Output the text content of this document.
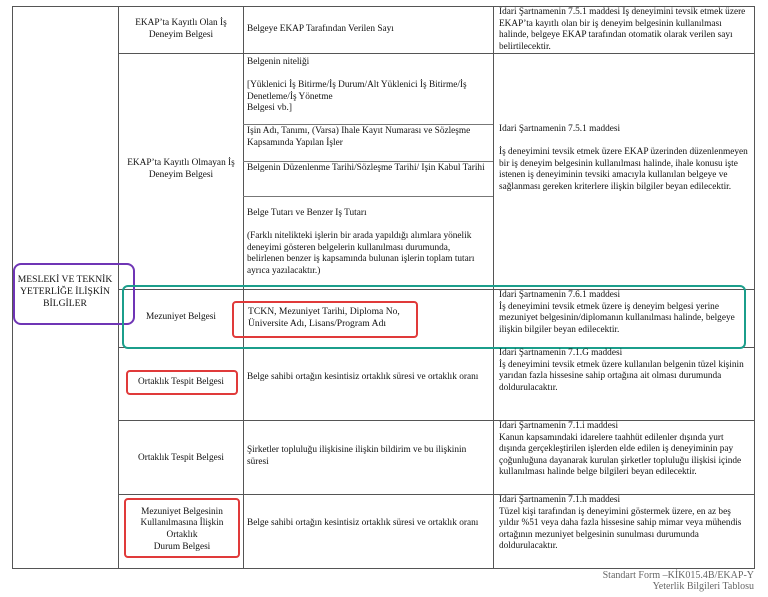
MESLEKİ VE TEKNİK YETERLİĞE İLİŞKİN BİLGİLER
EKAP’ta Kayıtlı Olan İş Deneyim Belgesi
Belgeye EKAP Tarafından Verilen Sayı
İdari Şartnamenin 7.5.1 maddesi İş deneyimini tevsik etmek üzere EKAP’ta kayıtlı olan bir iş deneyim belgesinin kullanılması halinde, belgeye EKAP tarafından otomatik olarak verilen sayı belirtilecektir.
EKAP’ta Kayıtlı Olmayan İş Deneyim Belgesi
Belgenin niteliği

[Yüklenici İş Bitirme/İş Durum/Alt Yüklenici İş Bitirme/İş Denetleme/İş Yönetme
Belgesi vb.]
İşin Adı, Tanımı, (Varsa) İhale Kayıt Numarası ve Sözleşme Kapsamında Yapılan İşler
Belgenin Düzenlenme Tarihi/Sözleşme Tarihi/ İşin Kabul Tarihi
Belge Tutarı ve Benzer İş Tutarı

(Farklı nitelikteki işlerin bir arada yapıldığı alımlara yönelik deneyimi gösteren belgelerin kullanılması durumunda, belirlenen benzer iş kapsamında bulunan işlerin toplam tutarı ayrıca yazılacaktır.)
İdari Şartnamenin 7.5.1 maddesi

İş deneyimini tevsik etmek üzere EKAP üzerinden düzenlenmeyen bir iş deneyim belgesinin kullanılması halinde, ihale konusu işte istenen iş deneyiminin tevsiki amacıyla kullanılan belgeye ve sağlanması gereken kriterlere ilişkin bilgiler beyan edilecektir.
Mezuniyet Belgesi
TCKN, Mezuniyet Tarihi, Diploma No, Üniversite Adı, Lisans/Program Adı
İdari Şartnamenin 7.6.1 maddesi
İş deneyimini tevsik etmek üzere iş deneyim belgesi yerine mezuniyet belgesinin/diplomanın kullanılması halinde, belgeye ilişkin bilgiler beyan edilecektir.
Ortaklık Tespit Belgesi
Belge sahibi ortağın kesintisiz ortaklık süresi ve ortaklık oranı
İdari Şartnamenin 7.1.G maddesi
İş deneyimini tevsik etmek üzere kullanılan belgenin tüzel kişinin yarıdan fazla hissesine sahip ortağına ait olması durumunda doldurulacaktır.
Ortaklık Tespit Belgesi
Şirketler topluluğu ilişkisine ilişkin bildirim ve bu ilişkinin süresi
İdari Şartnamenin 7.1.i maddesi
Kanun kapsamındaki idarelere taahhüt edilenler dışında yurt dışında gerçekleştirilen işlerden elde edilen iş deneyiminin pay çoğunluğuna dayanarak kurulan şirketler topluluğu ilişkisi içinde kullanılması halinde belge bilgileri beyan edilecektir.
Mezuniyet Belgesinin Kullanılmasına İlişkin Ortaklık
Durum Belgesi
Belge sahibi ortağın kesintisiz ortaklık süresi ve ortaklık oranı
İdari Şartnamenin 7.1.h maddesi
Tüzel kişi tarafından iş deneyimini göstermek üzere, en az beş yıldır %51 veya daha fazla hissesine sahip mimar veya mühendis ortağının mezuniyet belgesinin sunulması durumunda doldurulacaktır.
Standart Form –KİK015.4B/EKAP-Y
Yeterlik Bilgileri Tablosu
